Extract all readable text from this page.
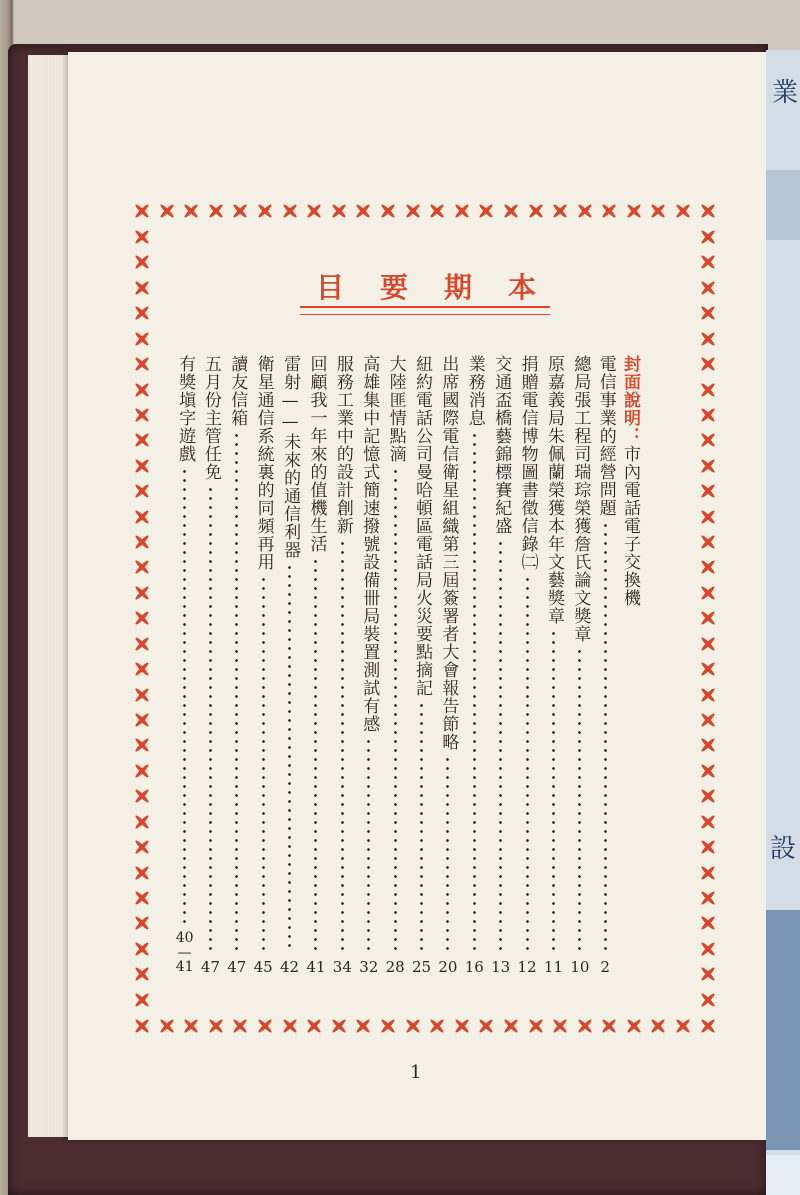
業
設
目 要 期 本
封面說明：
市內電話電子交換機
電信事業的經營問題
2
總局張工程司瑞琮榮獲詹氏論文獎章
10
原嘉義局朱佩蘭榮獲本年文藝獎章
11
捐贈電信博物圖書徵信錄㈡
12
交通盃橋藝錦標賽紀盛
13
業務消息
16
出席國際電信衛星組織第三屆簽署者大會報告節略
20
紐約電話公司曼哈頓區電話局火災要點摘記
25
大陸匪情點滴
28
高雄集中記憶式簡速撥號設備卌局裝置測試有感
32
服務工業中的設計創新
34
回顧我一年來的值機生活
41
雷射——未來的通信利器
42
衛星通信系統裏的同頻再用
45
讀友信箱
47
五月份主管任免
47
有獎塡字遊戲
40
—
41
1
